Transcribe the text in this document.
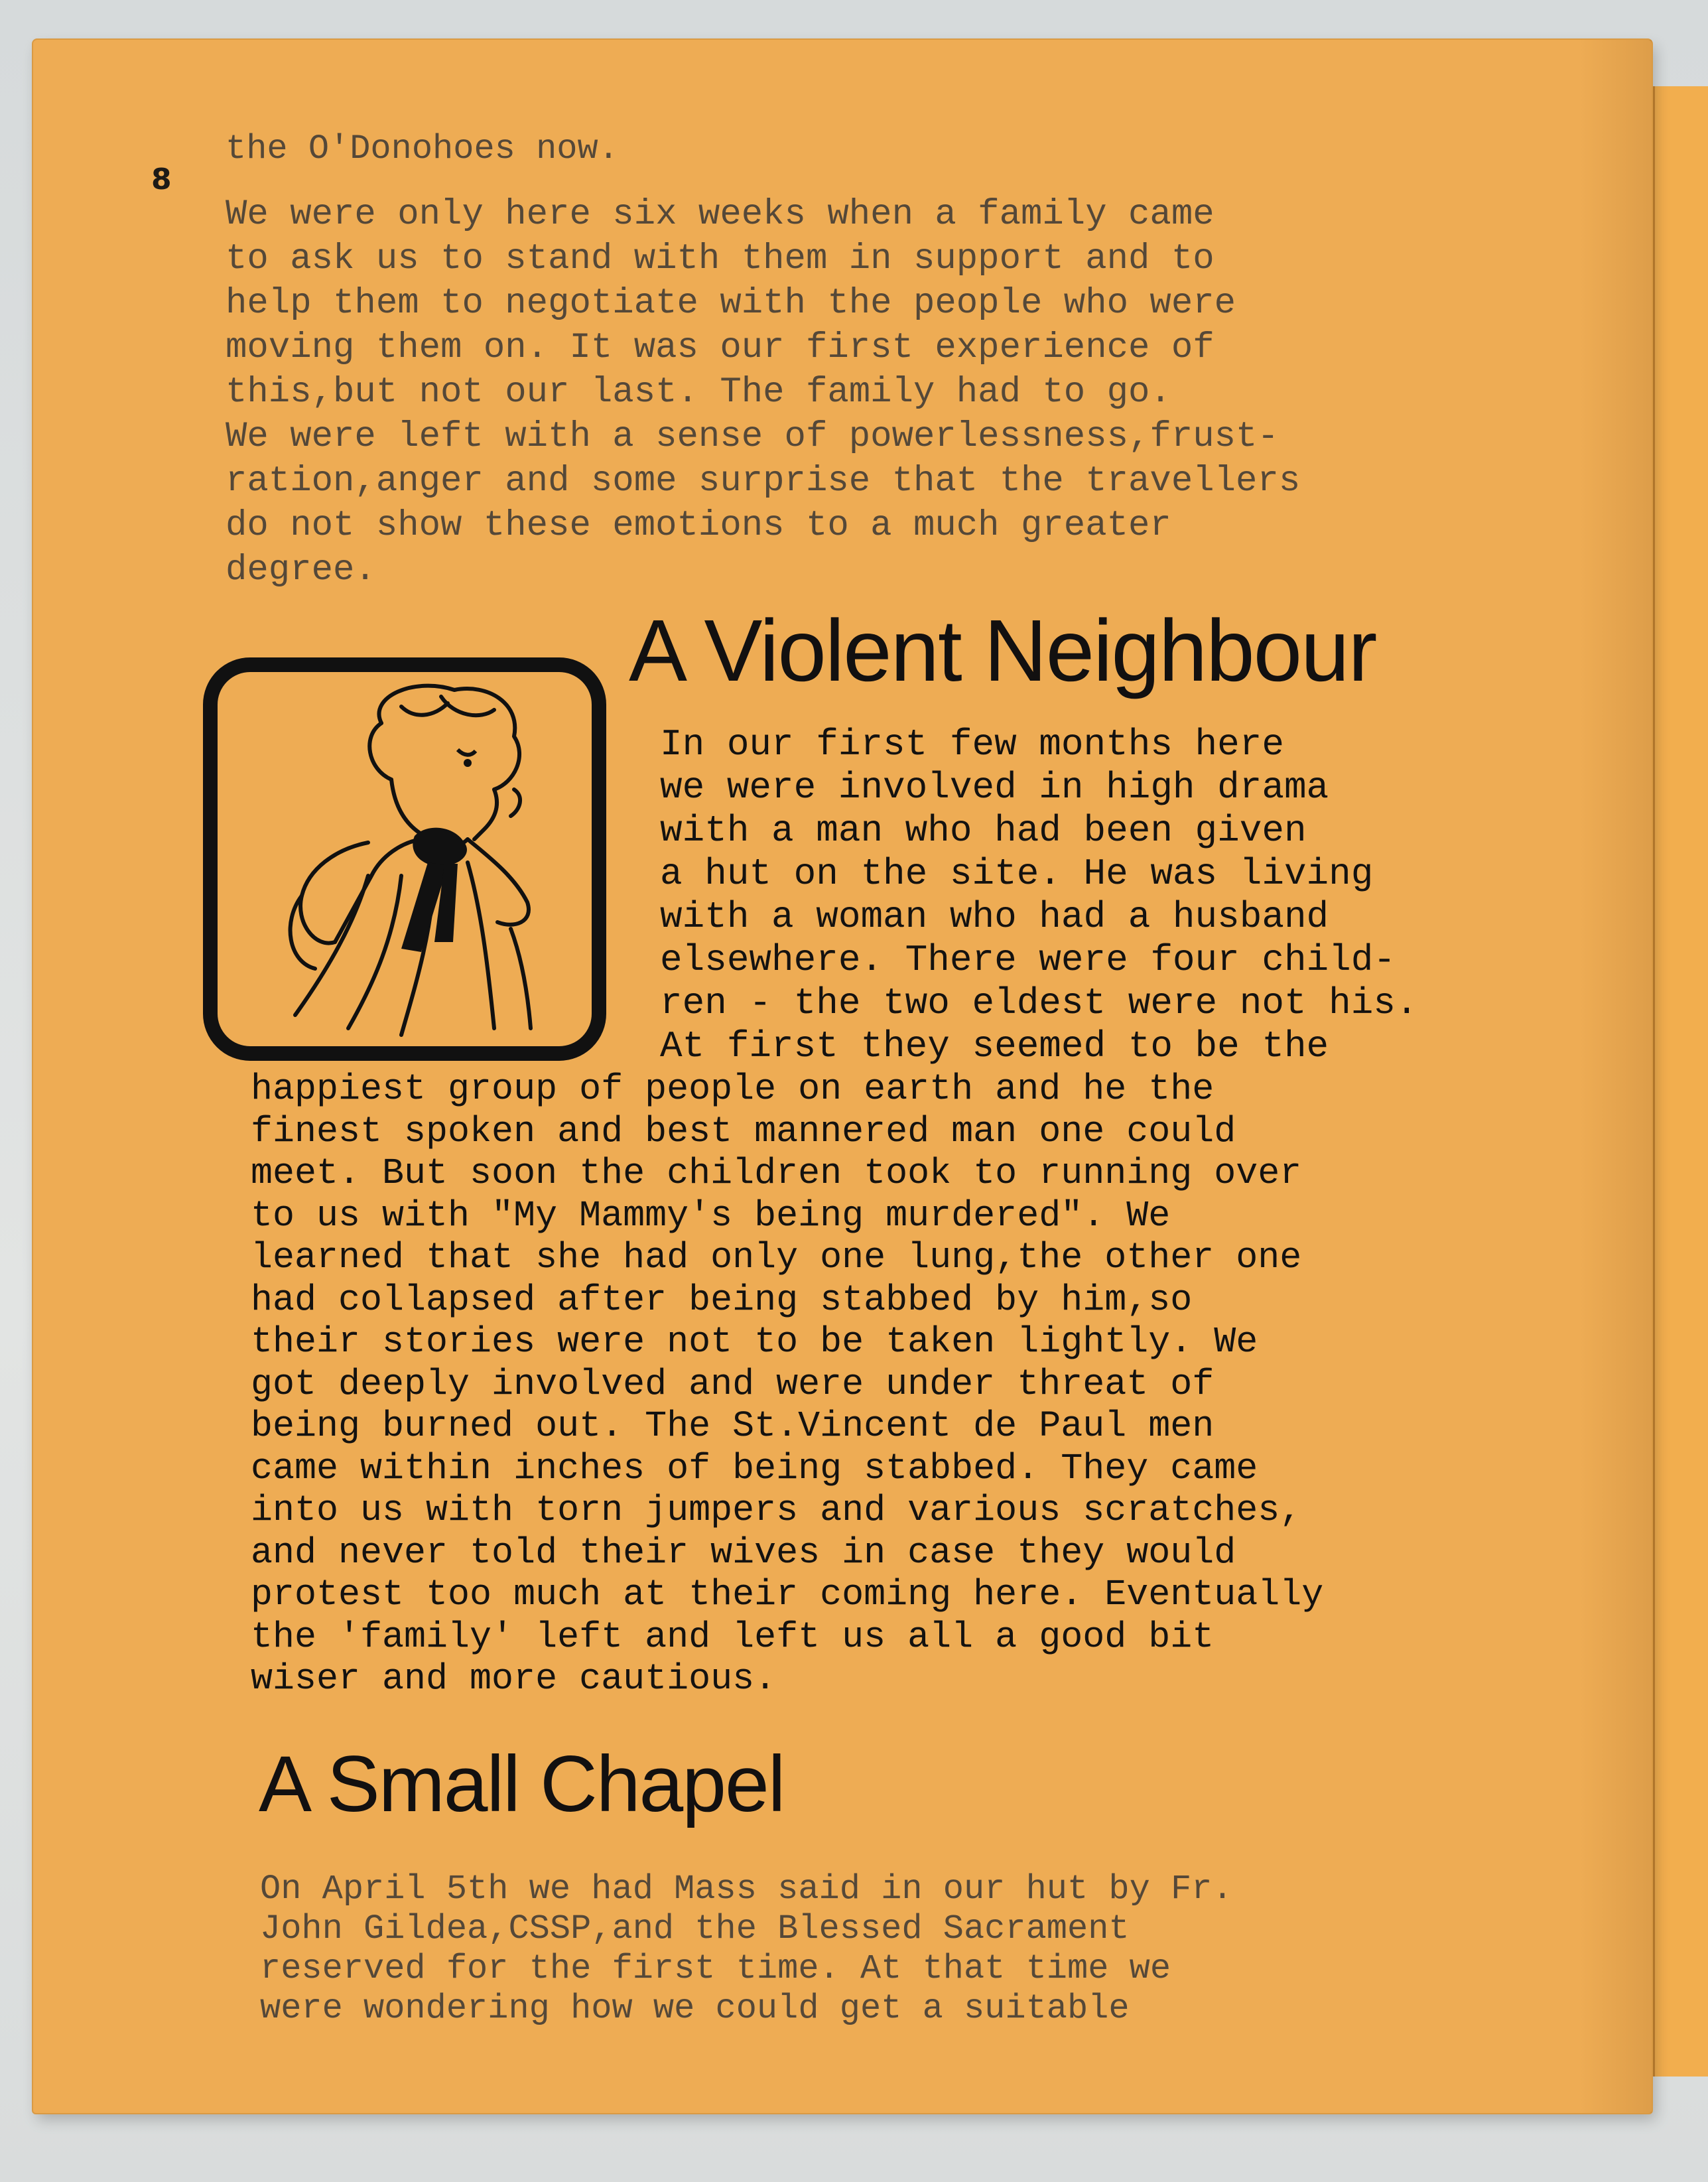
8

the O'Donohoes now.

We were only here six weeks when a family came
to ask us to stand with them in support and to
help them to negotiate with the people who were
moving them on. It was our first experience of
this,but not our last. The family had to go.
We were left with a sense of powerlessness,frust-
ration,anger and some surprise that the travellers
do not show these emotions to a much greater
degree.

A Violent Neighbour

In our first few months here
we were involved in high drama
with a man who had been given
a hut on the site. He was living
with a woman who had a husband
elsewhere. There were four child-
ren - the two eldest were not his.
At first they seemed to be the

happiest group of people on earth and he the
finest spoken and best mannered man one could
meet. But soon the children took to running over
to us with "My Mammy's being murdered". We
learned that she had only one lung,the other one
had collapsed after being stabbed by him,so
their stories were not to be taken lightly. We
got deeply involved and were under threat of
being burned out. The St.Vincent de Paul men
came within inches of being stabbed. They came
into us with torn jumpers and various scratches,
and never told their wives in case they would
protest too much at their coming here. Eventually
the 'family' left and left us all a good bit
wiser and more cautious.

A Small Chapel

On April 5th we had Mass said in our hut by Fr.
John Gildea,CSSP,and the Blessed Sacrament
reserved for the first time. At that time we
were wondering how we could get a suitable
